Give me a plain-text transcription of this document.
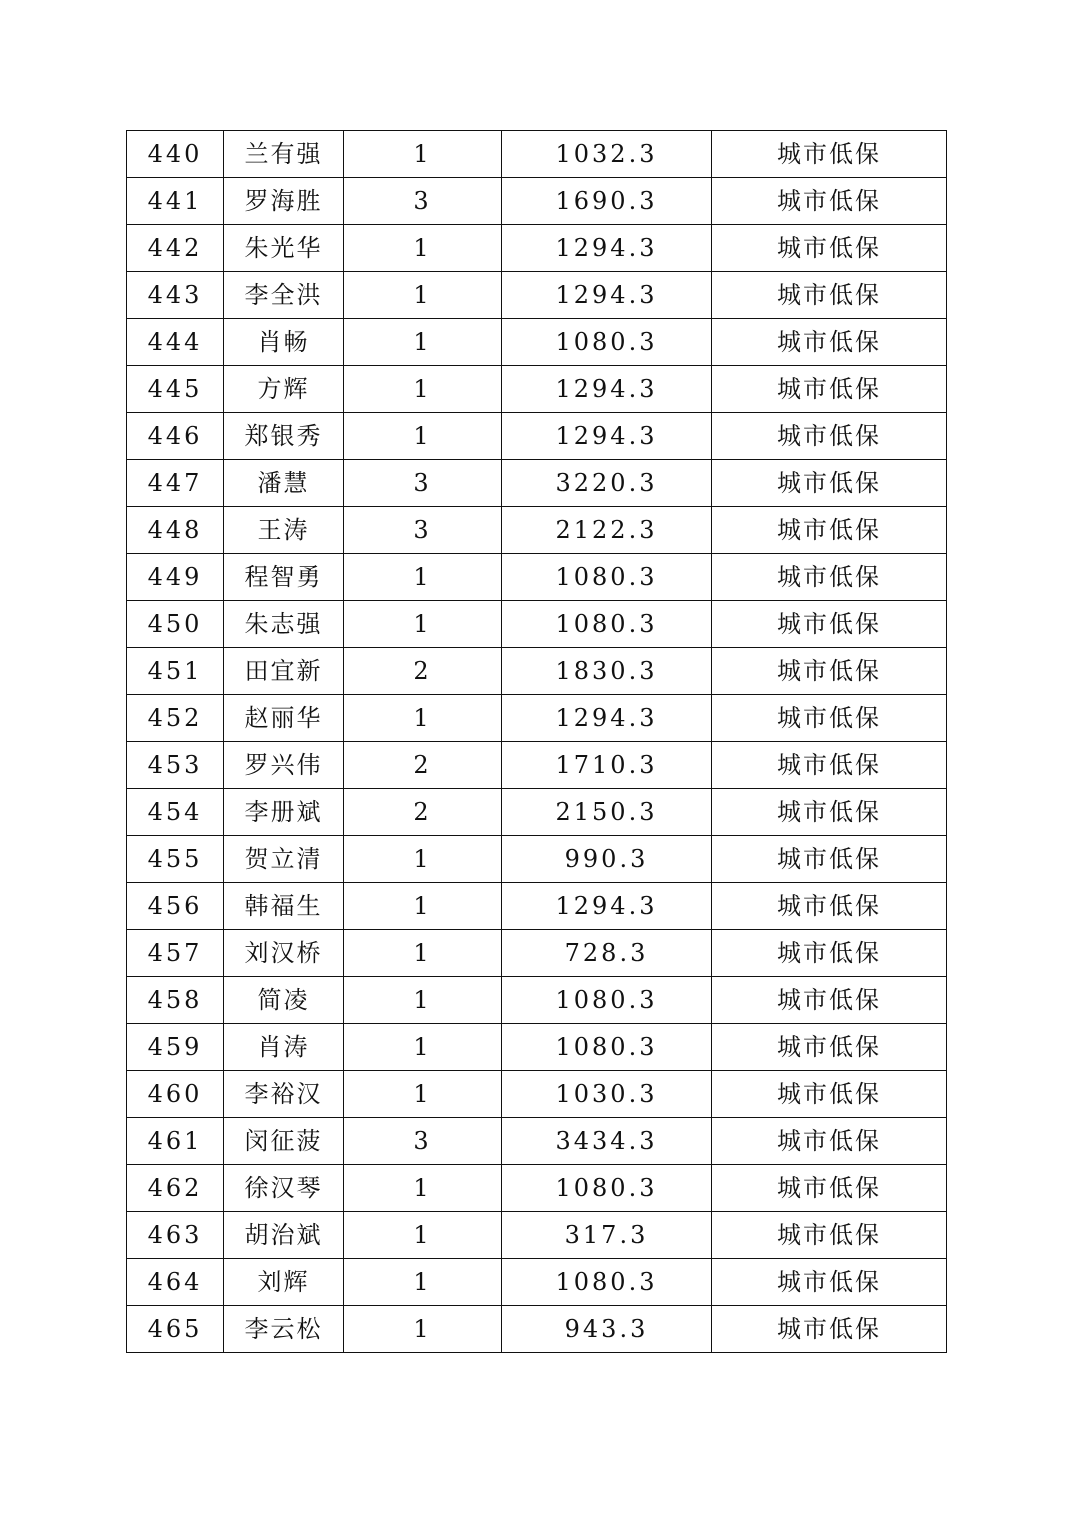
440	兰有强	1	1032.3	城市低保
441	罗海胜	3	1690.3	城市低保
442	朱光华	1	1294.3	城市低保
443	李全洪	1	1294.3	城市低保
444	肖畅	1	1080.3	城市低保
445	方辉	1	1294.3	城市低保
446	郑银秀	1	1294.3	城市低保
447	潘慧	3	3220.3	城市低保
448	王涛	3	2122.3	城市低保
449	程智勇	1	1080.3	城市低保
450	朱志强	1	1080.3	城市低保
451	田宜新	2	1830.3	城市低保
452	赵丽华	1	1294.3	城市低保
453	罗兴伟	2	1710.3	城市低保
454	李册斌	2	2150.3	城市低保
455	贺立清	1	990.3	城市低保
456	韩福生	1	1294.3	城市低保
457	刘汉桥	1	728.3	城市低保
458	简凌	1	1080.3	城市低保
459	肖涛	1	1080.3	城市低保
460	李裕汉	1	1030.3	城市低保
461	闵征菠	3	3434.3	城市低保
462	徐汉琴	1	1080.3	城市低保
463	胡治斌	1	317.3	城市低保
464	刘辉	1	1080.3	城市低保
465	李云松	1	943.3	城市低保
